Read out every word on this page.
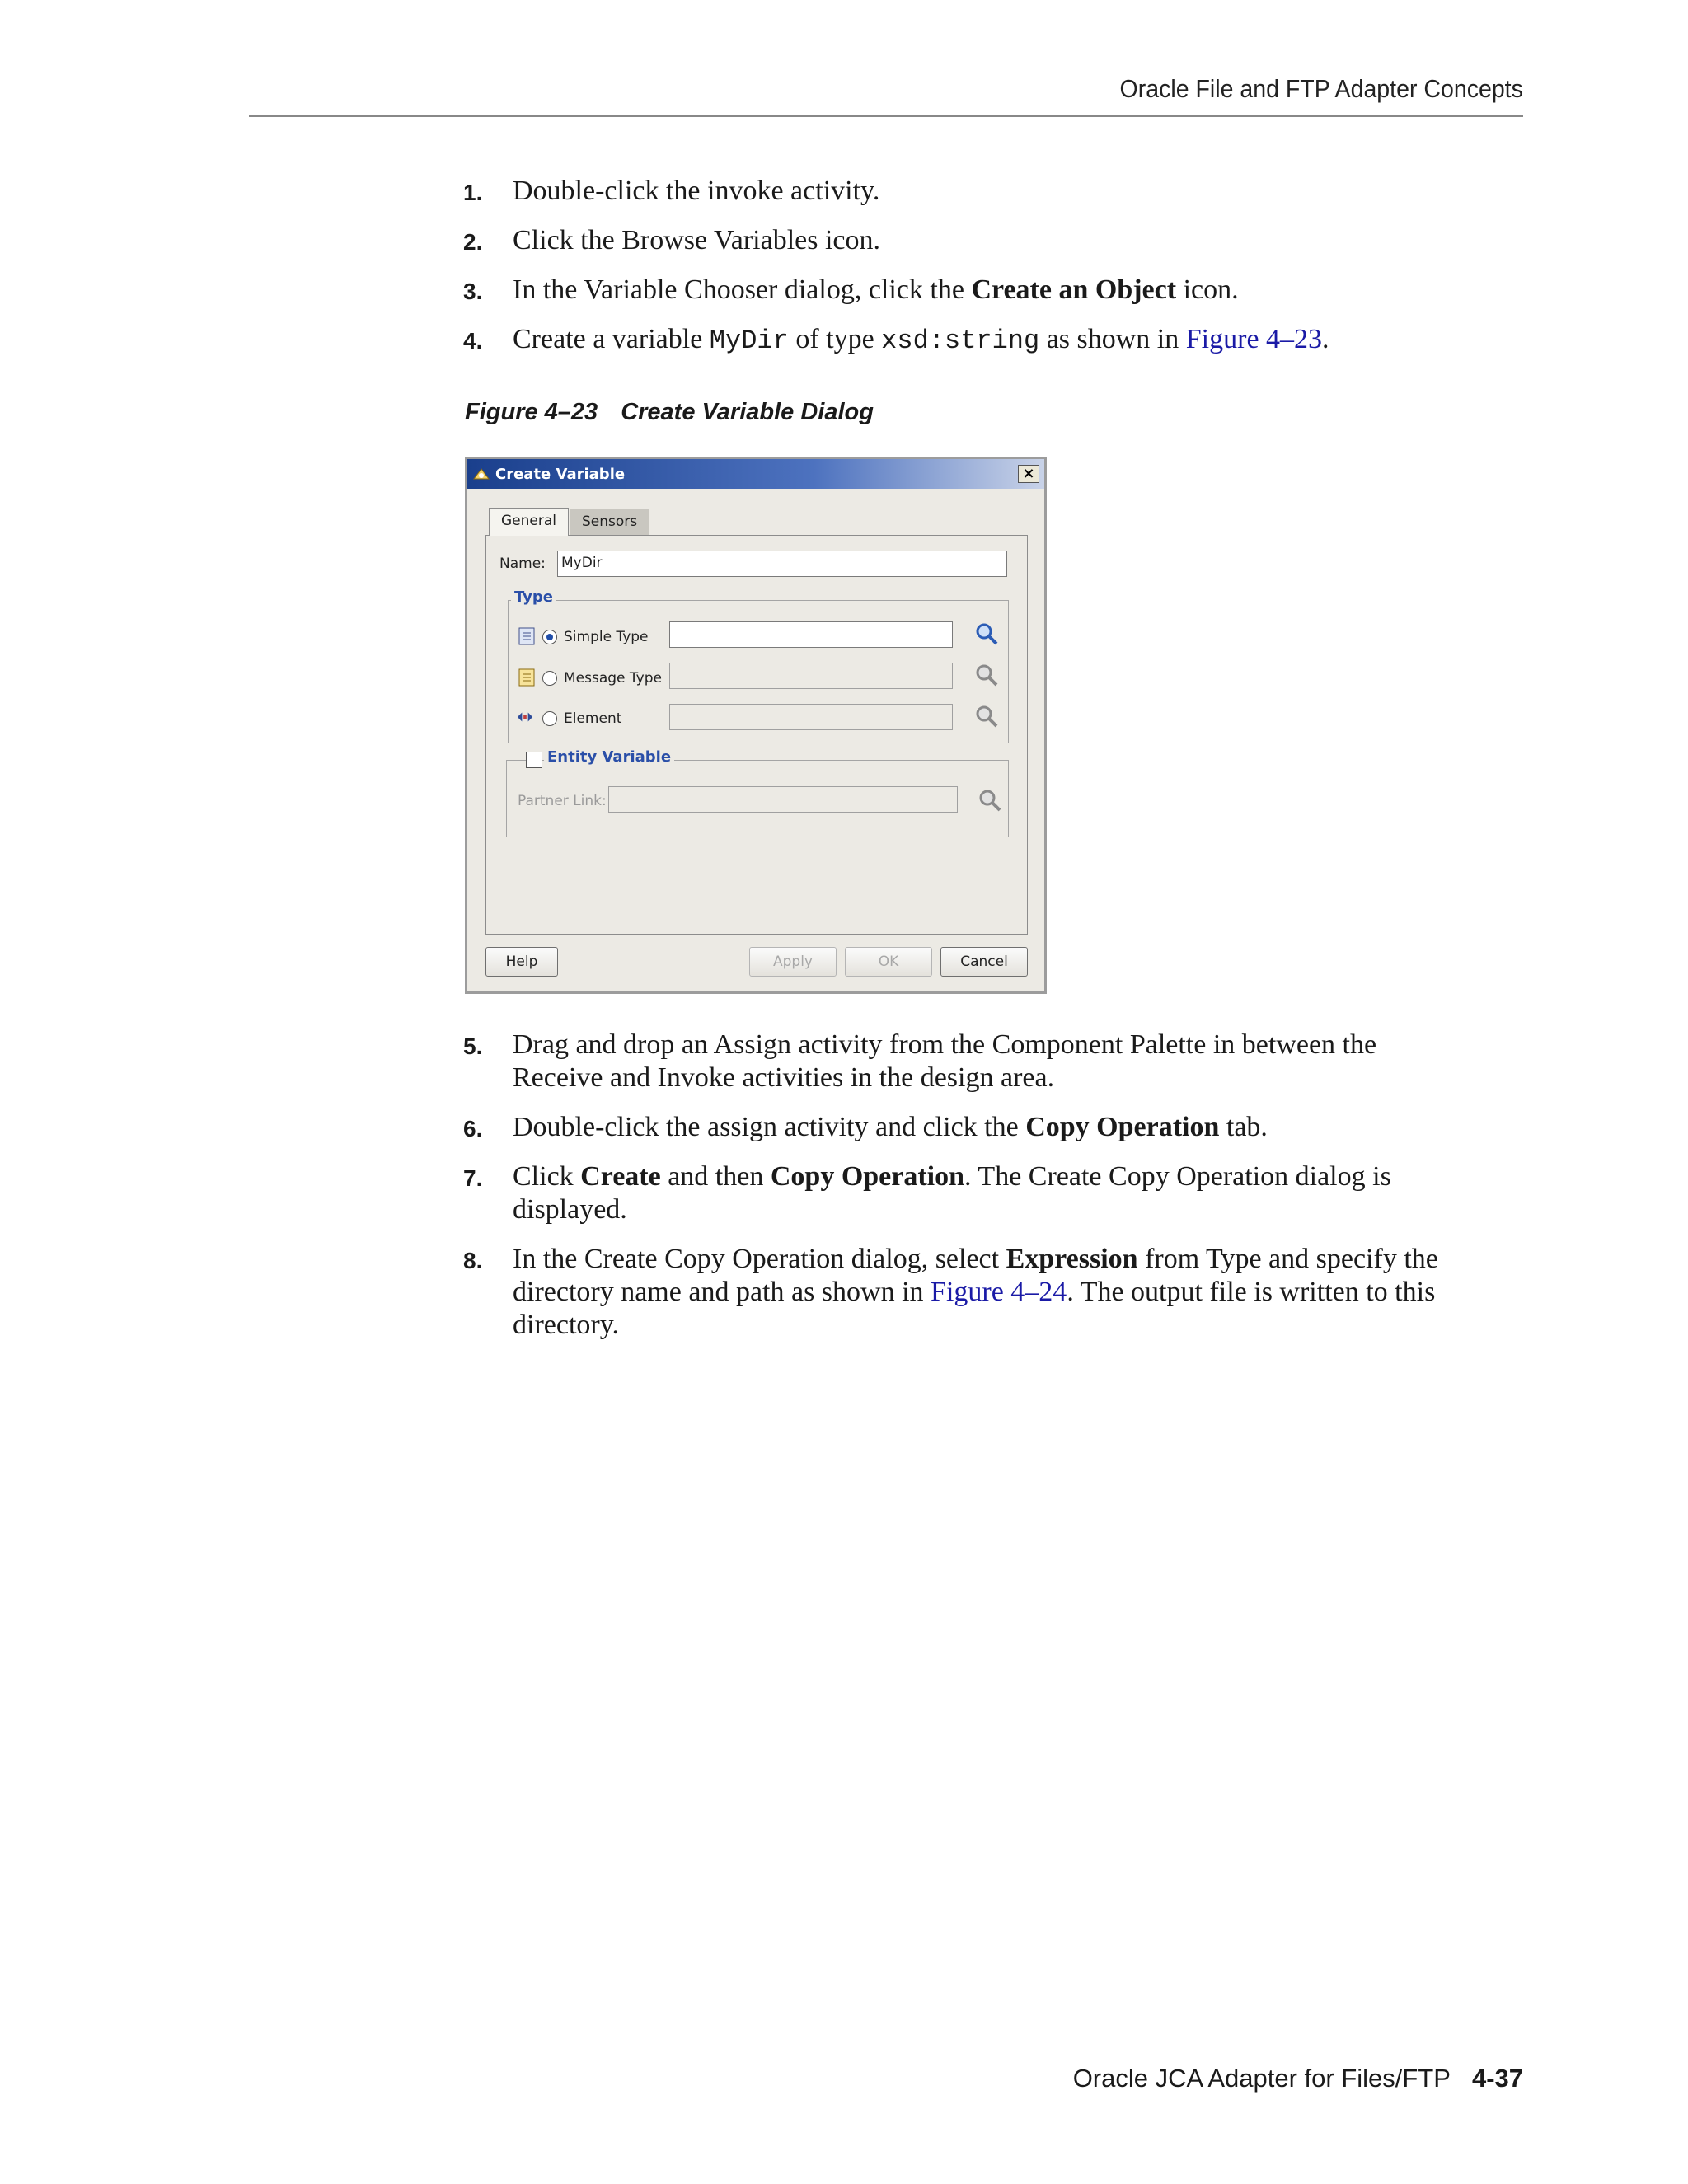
Oracle File and FTP Adapter Concepts
1.	Double-click the invoke activity.
2.	Click the Browse Variables icon.
3.	In the Variable Chooser dialog, click the Create an Object icon.
4.	Create a variable MyDir of type xsd:string as shown in Figure 4–23.
Figure 4–23 Create Variable Dialog
Create Variable	×
General	Sensors
Name: MyDir
Type
Simple Type
Message Type
Element
Entity Variable
Partner Link:
Help	Apply	OK	Cancel
5.	Drag and drop an Assign activity from the Component Palette in between the
Receive and Invoke activities in the design area.
6.	Double-click the assign activity and click the Copy Operation tab.
7.	Click Create and then Copy Operation. The Create Copy Operation dialog is
displayed.
8.	In the Create Copy Operation dialog, select Expression from Type and specify the
directory name and path as shown in Figure 4–24. The output file is written to this
directory.
Oracle JCA Adapter for Files/FTP 4-37
